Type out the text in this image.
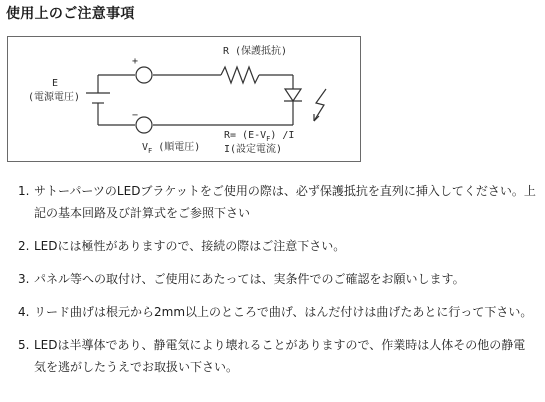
使用上のご注意事項
E
(電源電圧)
+
−
R (保護抵抗)
$R= (E-V_F)$ /I
I(設定電流)
$V_F$ (順電圧)
1. サトーパーツのLEDブラケットをご使用の際は、必ず保護抵抗を直列に挿入してください。上記の基本回路及び計算式をご参照下さい
2. LEDには極性がありますので、接続の際はご注意下さい。
3. パネル等への取付け、ご使用にあたっては、実条件でのご確認をお願いします。
4. リード曲げは根元から2mm以上のところで曲げ、はんだ付けは曲げたあとに行って下さい。
5. LEDは半導体であり、静電気により壊れることがありますので、作業時は人体その他の静電気を逃がしたうえでお取扱い下さい。
